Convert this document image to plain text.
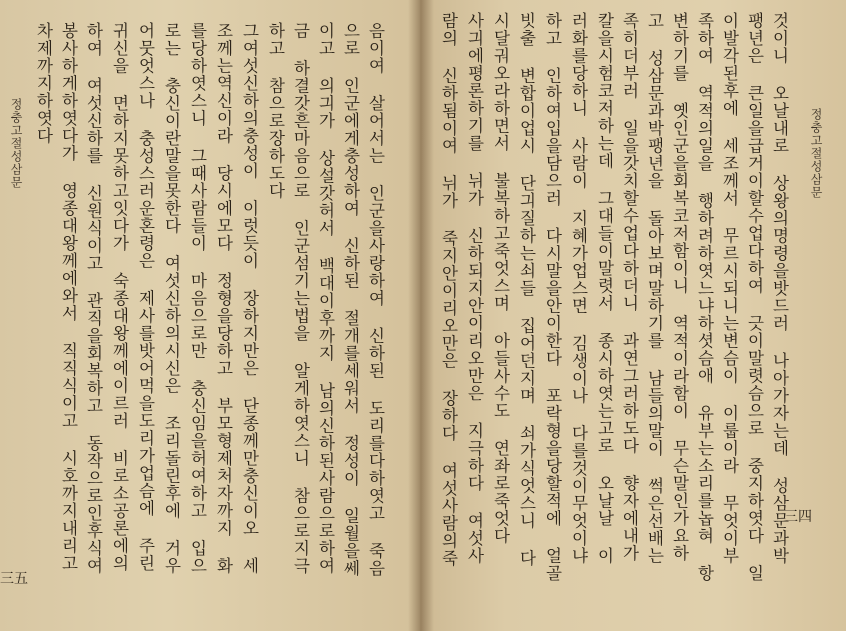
정충고절성삼문
三五
음이여 살어서는 인군을사랑하여 신하된 도리를다하엿고 죽음
으로 인군에게충성하여 신하된 절개를세워서 정성이 일월을쎄
이고 의긔가 상설갓허서 백대이후까지 남의신하된사람으로하여
금 하결갓흔마음으로 인군섬기는법을 알게하엿스니 참으로지극
하고 참으로장하도다
그여섯신하의충성이 이럿듯이 장하지만은 단종께만충신이오 세
조께는역신이라 당시에모다 정형을당하고 부모형제처자까지 화
를당하엿스니 그때사람들이 마음으로만 충신임을허여하고 입으
로는 충신이란말을못한다 여섯신하의시신은 조리돌린후에 거우
어뭇엇스나 충성스러운혼령은 제사를밧어먹을도리가업슴에 주린
귀신을 면하지못하고잇다가 숙종대왕께에이르러 비로소공론에의
하여 여섯신하를 신원식이고 관직을회복하고 동작으로인후식여
봉사하게하엿다가 영종대왕께에와서 직직식이고 시호까지내리고
차제까지하엿다
정충고절성삼문
三四
것이니 오날내로 상왕의명령을밧드러 나아가자는데 성삼문과박
팽년은 큰일을급거이할수업다하여 긋이말렷슴으로 중지하엿다 일
이발각된후에 세조께서 무르시되니는변슴이 이룹이라 무엇이부
족하여 역적의일을 행하려하엿느냐하셧슴애 유부는소리를놉혀 항
변하기를 옛인군을회복코저함이니 역적이라함이 무슨말인가요하
고 성삼문과박팽년을 돌아보며말하기를 남들의말이 썩은선배는
족히더부러 일을갓치할수업다하더니 과연그러하도다 향자에내가
칼을시험코저하는데 그대들이말렷서 종시하엿는고로 오날날 이
러화를당하니 사람이 지혜가업스면 김생이나 다를것이무엇이냐
하고 인하여입을담으러 다시말을안이한다 포락형을당할적에 얼골
빗출 변합이업시 단긔질하는쇠들 집어던지며 쇠가식엇스니 다
시달궈오라하면서 불복하고죽엇스며 아들사수도 연좌로죽엇다
사긔에평론하기를 뉘가 신하되지안이리오만은 지극하다 여섯사
람의 신하됨이여 뉘가 죽지안이리오만은 장하다 여섯사람의죽
